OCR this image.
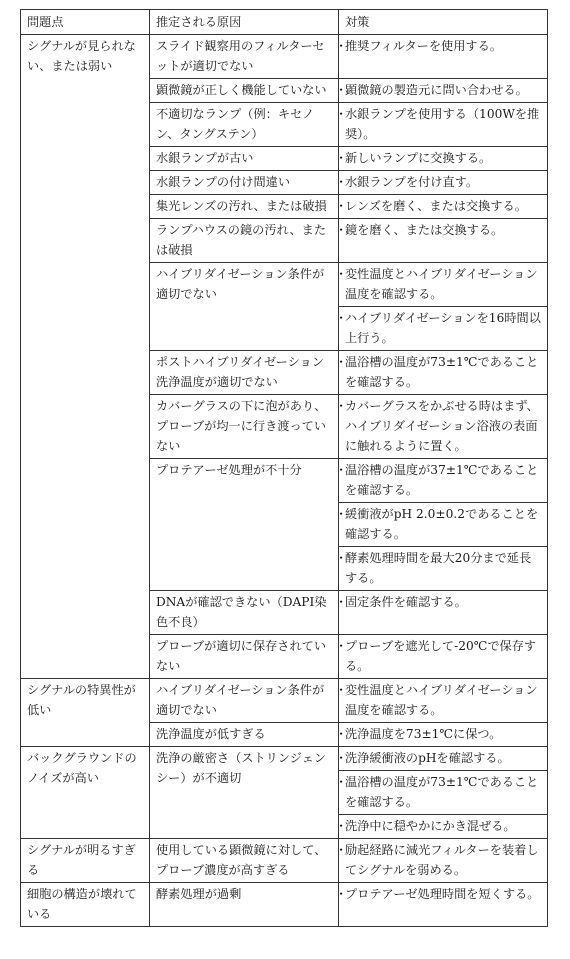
問題点	推定される原因	対策
シグナルが見られない、または弱い	スライド観察用のフィルターセットが適切でない	・ 推奨フィルターを使用する。
	顕微鏡が正しく機能していない	・ 顕微鏡の製造元に問い合わせる。
	不適切なランプ（例：キセノン、タングステン）	・ 水銀ランプを使用する（100Wを推奨）。
	水銀ランプが古い	・ 新しいランプに交換する。
	水銀ランプの付け間違い	・ 水銀ランプを付け直す。
	集光レンズの汚れ、または破損	・ レンズを磨く、または交換する。
	ランプハウスの鏡の汚れ、または破損	・ 鏡を磨く、または交換する。
	ハイブリダイゼーション条件が適切でない	・ 変性温度とハイブリダイゼーション温度を確認する。
		・ ハイブリダイゼーションを16時間以上行う。
	ポストハイブリダイゼーション洗浄温度が適切でない	・ 温浴槽の温度が73±1℃であることを確認する。
	カバーグラスの下に泡があり、プローブが均一に行き渡っていない	・ カバーグラスをかぶせる時はまず、ハイブリダイゼーション浴液の表面に触れるように置く。
	プロテアーゼ処理が不十分	・ 温浴槽の温度が37±1℃であることを確認する。
		・ 緩衝液がpH 2.0±0.2であることを確認する。
		・ 酵素処理時間を最大20分まで延長する。
	DNAが確認できない（DAPI染色不良）	・ 固定条件を確認する。
	プローブが適切に保存されていない	・ プローブを遮光して-20℃で保存する。
シグナルの特異性が低い	ハイブリダイゼーション条件が適切でない	・ 変性温度とハイブリダイゼーション温度を確認する。
	洗浄温度が低すぎる	・ 洗浄温度を73±1℃に保つ。
バックグラウンドのノイズが高い	洗浄の厳密さ（ストリンジェンシー）が不適切	・ 洗浄緩衝液のpHを確認する。
		・ 温浴槽の温度が73±1℃であることを確認する。
		・ 洗浄中に穏やかにかき混ぜる。
シグナルが明るすぎる	使用している顕微鏡に対して、プローブ濃度が高すぎる	・ 励起経路に減光フィルターを装着してシグナルを弱める。
細胞の構造が壊れている	酵素処理が過剰	・ プロテアーゼ処理時間を短くする。
